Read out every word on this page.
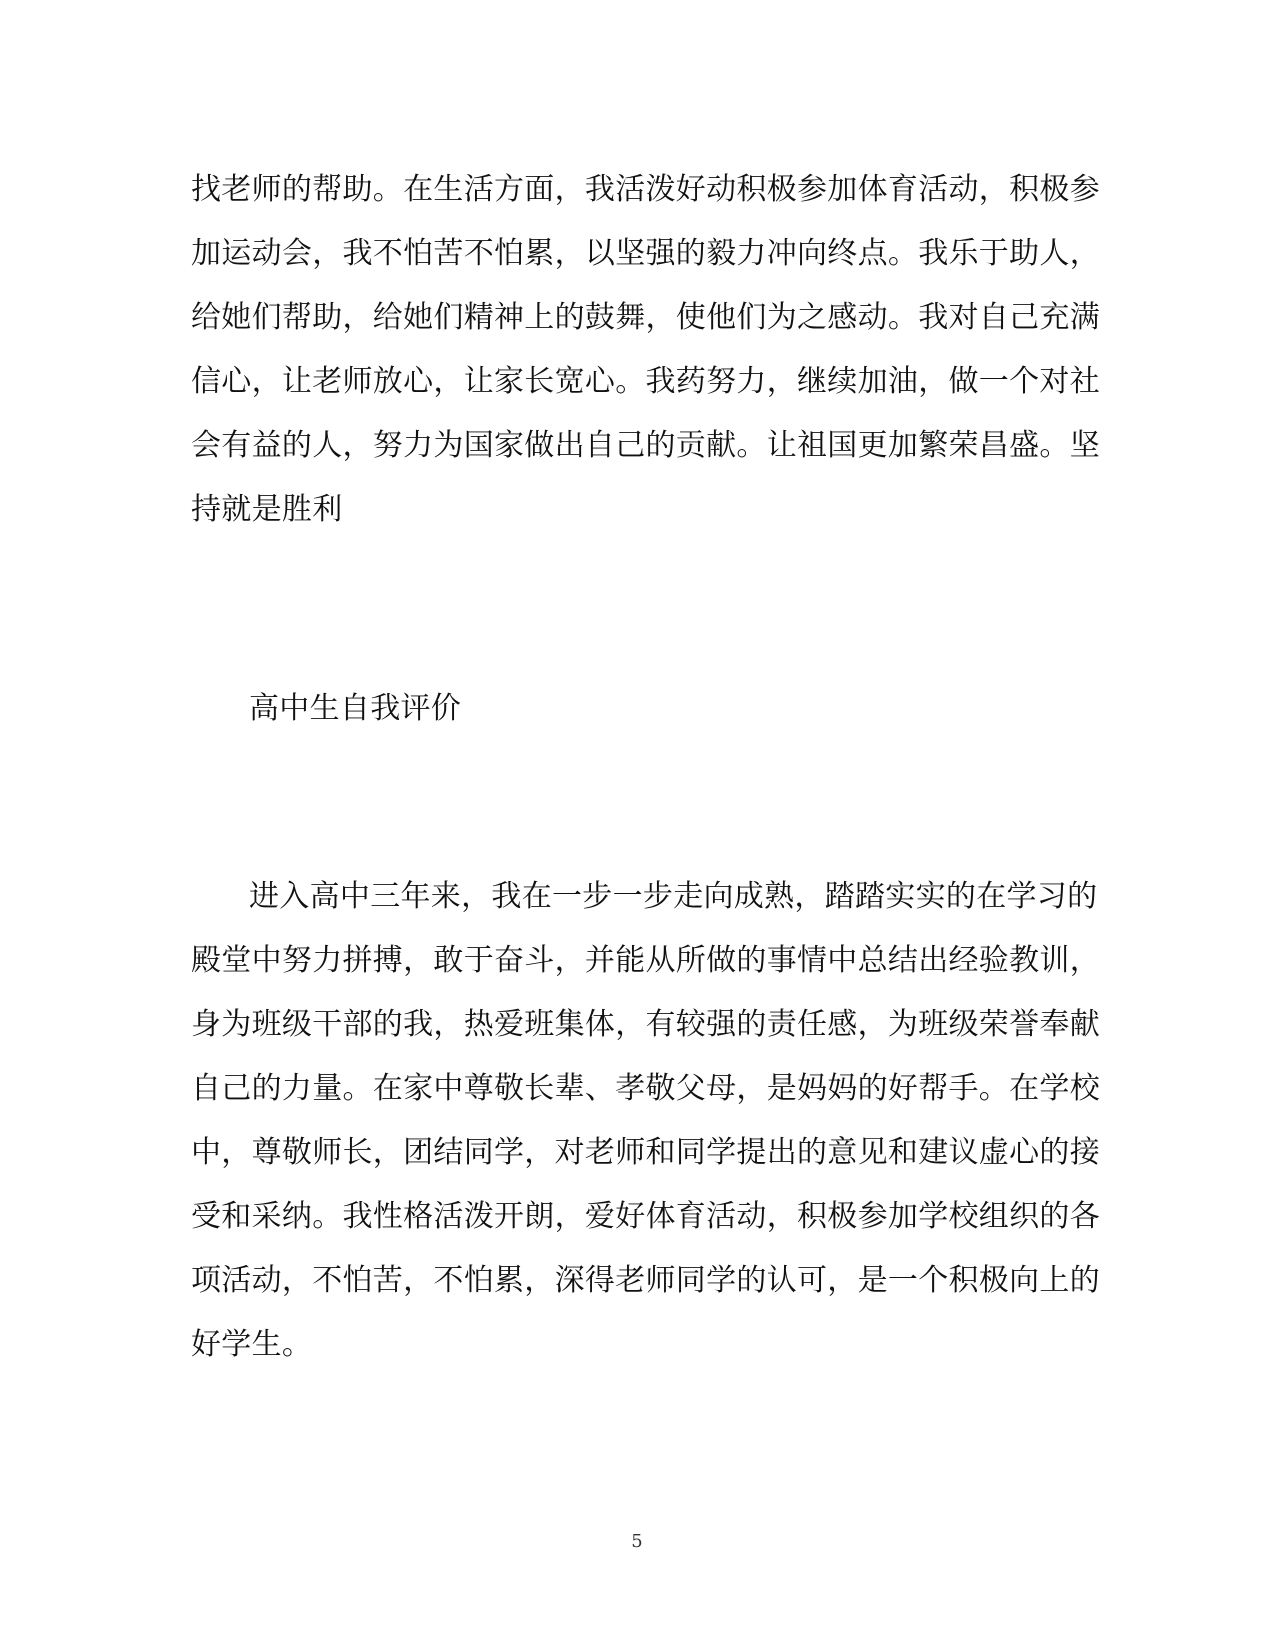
找老师的帮助。在生活方面，我活泼好动积极参加体育活动，积极参
加运动会，我不怕苦不怕累，以坚强的毅力冲向终点。我乐于助人，
给她们帮助，给她们精神上的鼓舞，使他们为之感动。我对自己充满
信心，让老师放心，让家长宽心。我药努力，继续加油，做一个对社
会有益的人，努力为国家做出自己的贡献。让祖国更加繁荣昌盛。坚
持就是胜利
高中生自我评价
进入高中三年来，我在一步一步走向成熟，踏踏实实的在学习的
殿堂中努力拼搏，敢于奋斗，并能从所做的事情中总结出经验教训，
身为班级干部的我，热爱班集体，有较强的责任感，为班级荣誉奉献
自己的力量。在家中尊敬长辈、孝敬父母，是妈妈的好帮手。在学校
中，尊敬师长，团结同学，对老师和同学提出的意见和建议虚心的接
受和采纳。我性格活泼开朗，爱好体育活动，积极参加学校组织的各
项活动，不怕苦，不怕累，深得老师同学的认可，是一个积极向上的
好学生。
5
